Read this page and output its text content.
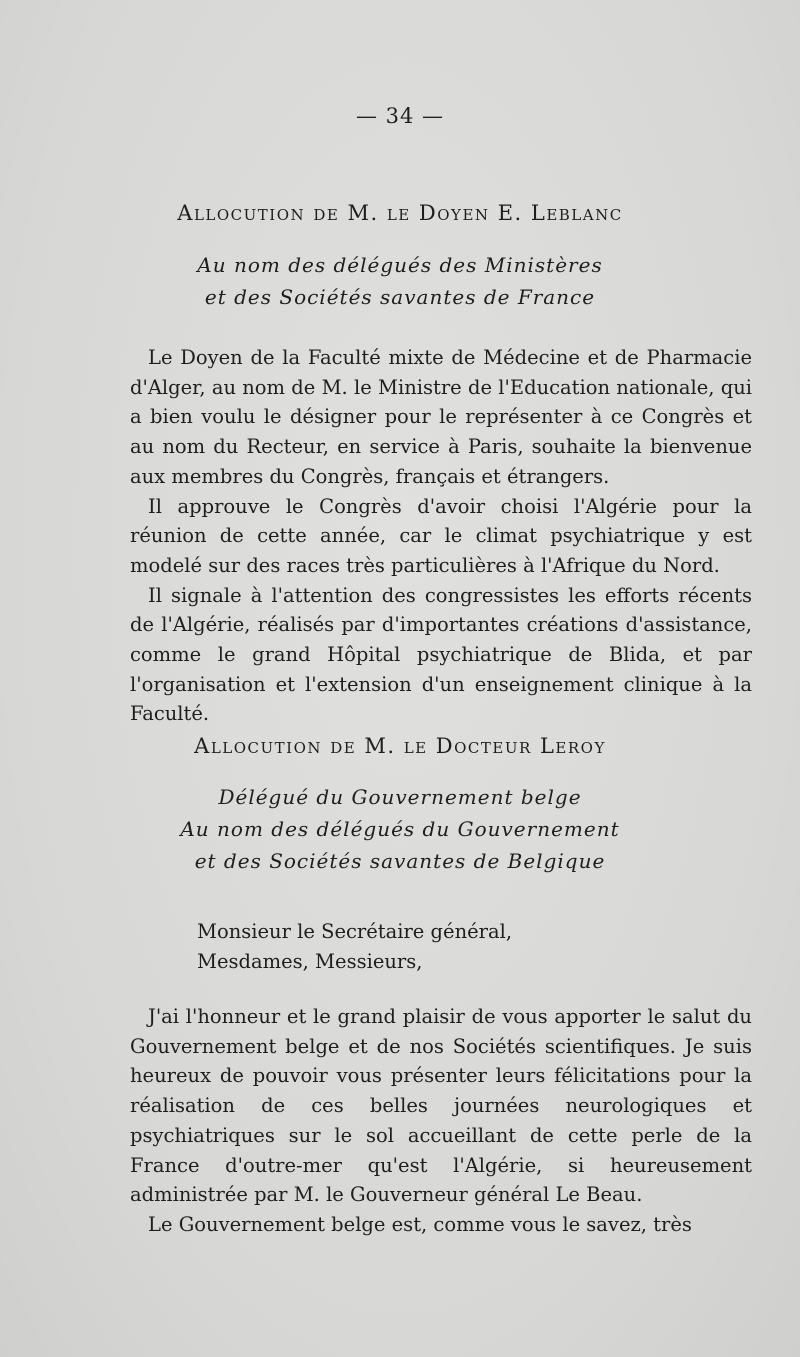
— 34 —
Allocution de M. le Doyen E. Leblanc
Au nom des délégués des Ministères
et des Sociétés savantes de France

Le Doyen de la Faculté mixte de Médecine et de Pharmacie d'Alger, au nom de M. le Ministre de l'Education nationale, qui a bien voulu le désigner pour le représenter à ce Congrès et au nom du Recteur, en service à Paris, souhaite la bienvenue aux membres du Congrès, français et étrangers.

Il approuve le Congrès d'avoir choisi l'Algérie pour la réunion de cette année, car le climat psychiatrique y est modelé sur des races très particulières à l'Afrique du Nord.

Il signale à l'attention des congressistes les efforts récents de l'Algérie, réalisés par d'importantes créations d'assistance, comme le grand Hôpital psychiatrique de Blida, et par l'organisation et l'extension d'un enseignement clinique à la Faculté.

Allocution de M. le Docteur Leroy
Délégué du Gouvernement belge
Au nom des délégués du Gouvernement
et des Sociétés savantes de Belgique
Monsieur le Secrétaire général,
Mesdames, Messieurs,

J'ai l'honneur et le grand plaisir de vous apporter le salut du Gouvernement belge et de nos Sociétés scientifiques. Je suis heureux de pouvoir vous présenter leurs félicitations pour la réalisation de ces belles journées neurologiques et psychiatriques sur le sol accueillant de cette perle de la France d'outre-mer qu'est l'Algérie, si heureusement administrée par M. le Gouverneur général Le Beau.

Le Gouvernement belge est, comme vous le savez, très
